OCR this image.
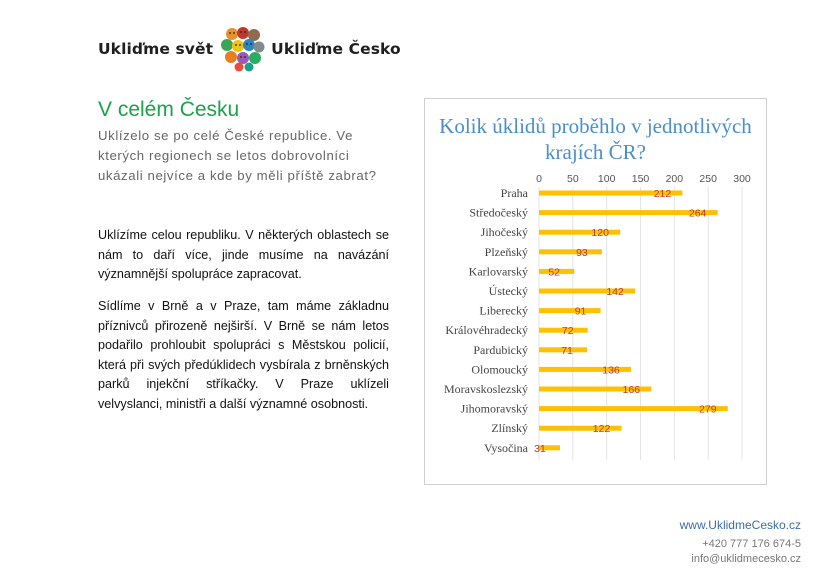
Ukliďme svět	Ukliďme Česko
V celém Česku
Uklízelo se po celé České republice. Ve kterých regionech se letos dobrovolníci ukázali nejvíce a kde by měli příště zabrat?
Uklízíme celou republiku. V některých oblastech se nám to daří více, jinde musíme na navázání významnější spolupráce zapracovat.
Sídlíme v Brně a v Praze, tam máme základnu příznivců přirozeně nejširší. V Brně se nám letos podařilo prohloubit spolupráci s Městskou policií, která při svých předúklidech vysbírala z brněnských parků injekční stříkačky. V Praze uklízeli velvyslanci, ministři a další významné osobnosti.
Kolik úklidů proběhlo v jednotlivých krajích ČR?
0 50 100 150 200 250 300
Praha	212
Středočeský	264
Jihočeský	120
Plzeňský	93
Karlovarský 52
Ústecký	142
Liberecký	91
Královéhradecký	72
Pardubický	71
Olomoucký	136
Moravskoslezský	166
Jihomoravský	279
Zlínský	122
Vysočina 31
www.UklidmeCesko.cz
+420 777 176 674-5
info@uklidmecesko.cz
